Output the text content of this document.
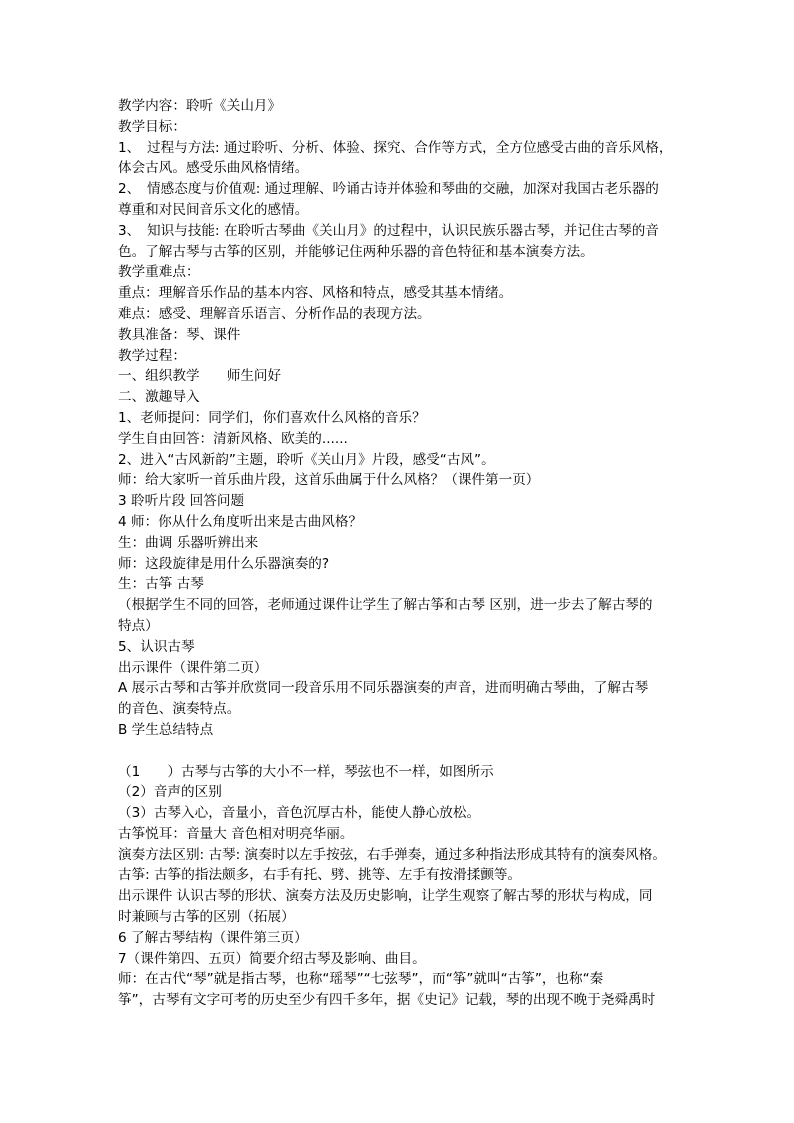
教学内容：聆听《关山月》
教学目标：
1、　过程与方法: 通过聆听、分析、体验、探究、合作等方式，全方位感受古曲的音乐风格，
体会古风。感受乐曲风格情绪。
2、　情感态度与价值观: 通过理解、吟诵古诗并体验和琴曲的交融，加深对我国古老乐器的
尊重和对民间音乐文化的感情。
3、　知识与技能: 在聆听古琴曲《关山月》的过程中，认识民族乐器古琴，并记住古琴的音
色。了解古琴与古筝的区别，并能够记住两种乐器的音色特征和基本演奏方法。
教学重难点：
重点：理解音乐作品的基本内容、风格和特点，感受其基本情绪。
难点：感受、理解音乐语言、分析作品的表现方法。
教具准备：琴、课件
教学过程：
一、组织教学　　师生问好
二、激趣导入
1、老师提问：同学们，你们喜欢什么风格的音乐？
学生自由回答：清新风格、欧美的......
2、进入“古风新韵”主题，聆听《关山月》片段，感受“古风”。
师：给大家听一首乐曲片段，这首乐曲属于什么风格？（课件第一页）
3 聆听片段 回答问题
4 师：你从什么角度听出来是古曲风格？
生：曲调 乐器听辨出来
师：这段旋律是用什么乐器演奏的?
生：古筝 古琴
（根据学生不同的回答，老师通过课件让学生了解古筝和古琴 区别，进一步去了解古琴的
特点）
5、认识古琴
出示课件（课件第二页）
A 展示古琴和古筝并欣赏同一段音乐用不同乐器演奏的声音，进而明确古琴曲，了解古琴
的音色、演奏特点。
B 学生总结特点
（1　　）古琴与古筝的大小不一样，琴弦也不一样，如图所示
（2）音声的区别
（3）古琴入心，音量小，音色沉厚古朴，能使人静心放松。
古筝悦耳：音量大 音色相对明亮华丽。
演奏方法区别: 古琴: 演奏时以左手按弦，右手弹奏，通过多种指法形成其特有的演奏风格。
古筝: 古筝的指法颇多，右手有托、劈、挑等、左手有按滑揉颤等。
出示课件 认识古琴的形状、演奏方法及历史影响，让学生观察了解古琴的形状与构成，同
时兼顾与古筝的区别（拓展）
6 了解古琴结构（课件第三页）
7（课件第四、五页）简要介绍古琴及影响、曲目。
师：在古代“琴”就是指古琴，也称“瑶琴”“七弦琴”，而“筝”就叫“古筝”，也称“秦
筝”，古琴有文字可考的历史至少有四千多年，据《史记》记载，琴的出现不晚于尧舜禹时
